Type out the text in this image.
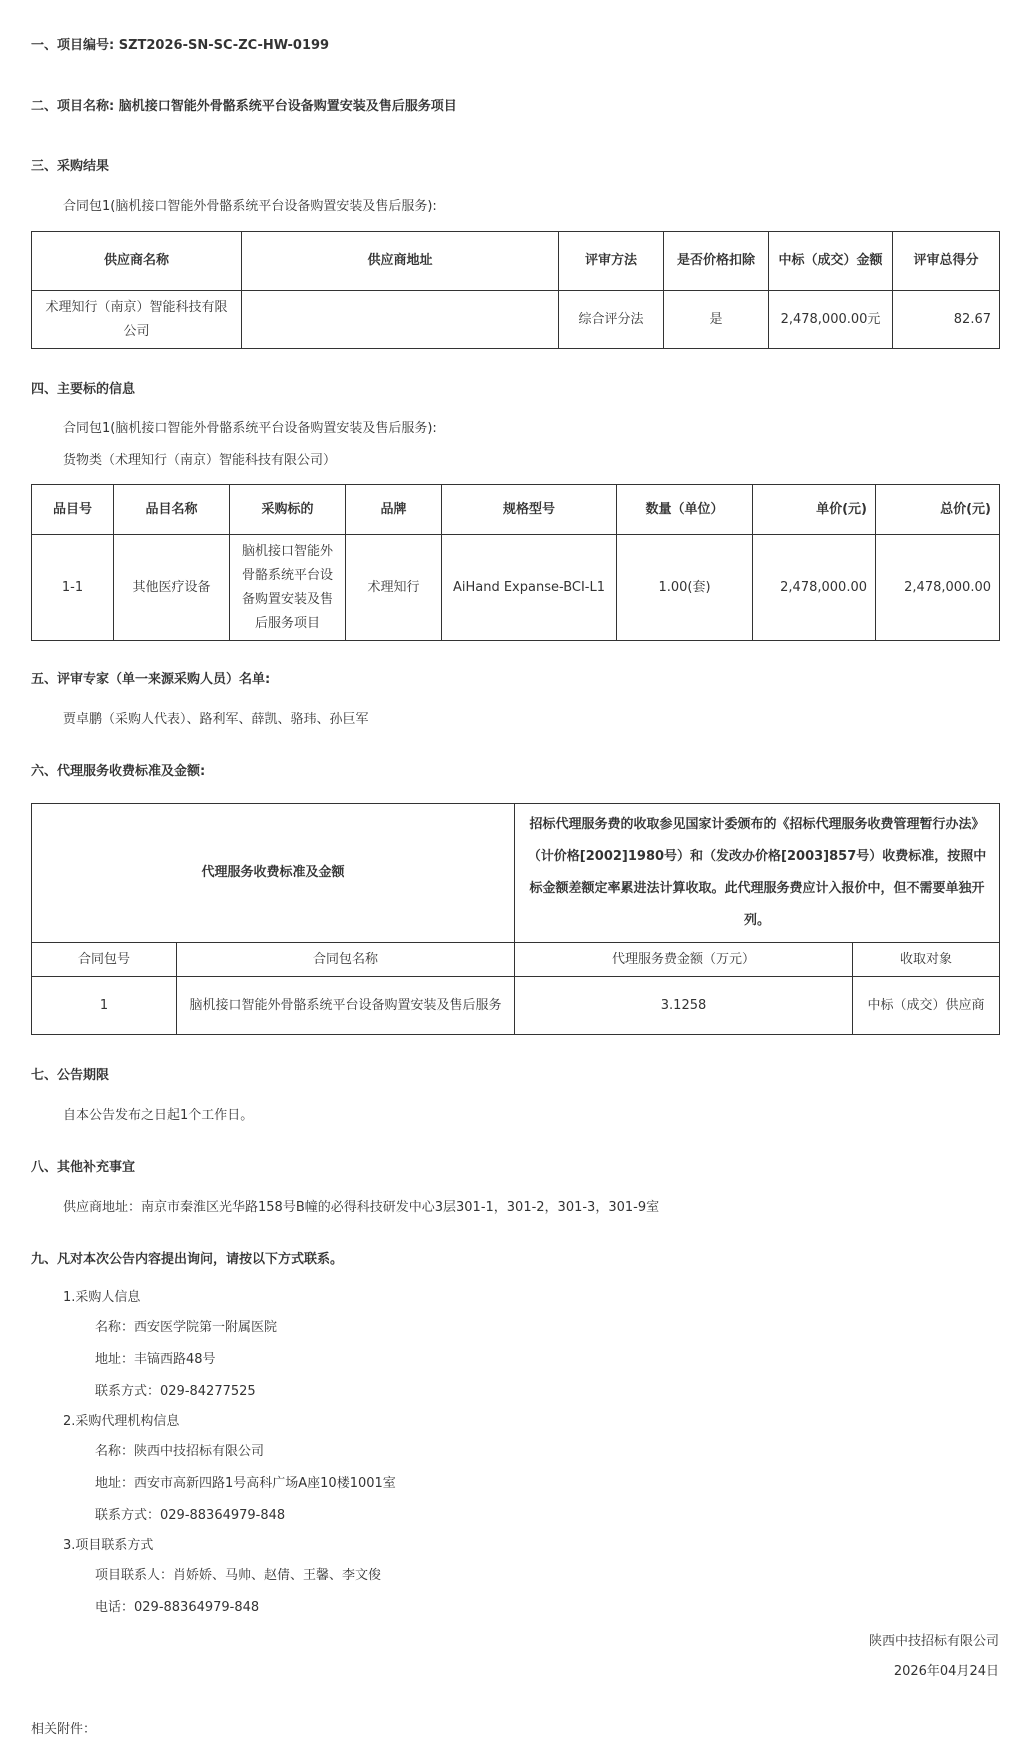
一、项目编号: SZT2026-SN-SC-ZC-HW-0199
二、项目名称: 脑机接口智能外骨骼系统平台设备购置安装及售后服务项目
三、采购结果
合同包1(脑机接口智能外骨骼系统平台设备购置安装及售后服务):
供应商名称	供应商地址	评审方法	是否价格扣除	中标（成交）金额	评审总得分
术理知行（南京）智能科技有限公司		综合评分法	是	2,478,000.00元	82.67
四、主要标的信息
合同包1(脑机接口智能外骨骼系统平台设备购置安装及售后服务):
货物类（术理知行（南京）智能科技有限公司）
品目号	品目名称	采购标的	品牌	规格型号	数量（单位）	单价(元)	总价(元)
1-1	其他医疗设备	脑机接口智能外骨骼系统平台设备购置安装及售后服务项目	术理知行	AiHand Expanse-BCI-L1	1.00(套)	2,478,000.00	2,478,000.00
五、评审专家（单一来源采购人员）名单:
贾卓鹏（采购人代表）、路利军、薛凯、骆玮、孙巨军
六、代理服务收费标准及金额:
代理服务收费标准及金额		招标代理服务费的收取参见国家计委颁布的《招标代理服务收费管理暂行办法》（计价格[2002]1980号）和（发改办价格[2003]857号）收费标准，按照中标金额差额定率累进法计算收取。此代理服务费应计入报价中，但不需要单独开列。	
合同包号	合同包名称	代理服务费金额（万元）	收取对象
1	脑机接口智能外骨骼系统平台设备购置安装及售后服务	3.1258	中标（成交）供应商
七、公告期限
自本公告发布之日起1个工作日。
八、其他补充事宜
供应商地址：南京市秦淮区光华路158号B幢的必得科技研发中心3层301-1，301-2，301-3，301-9室
九、凡对本次公告内容提出询问，请按以下方式联系。
1.采购人信息
名称：西安医学院第一附属医院
地址：丰镐西路48号
联系方式：029-84277525
2.采购代理机构信息
名称：陕西中技招标有限公司
地址：西安市高新四路1号高科广场A座10楼1001室
联系方式：029-88364979-848
3.项目联系方式
项目联系人：肖娇娇、马帅、赵倩、王馨、李文俊
电话：029-88364979-848
陕西中技招标有限公司
2026年04月24日
相关附件：
